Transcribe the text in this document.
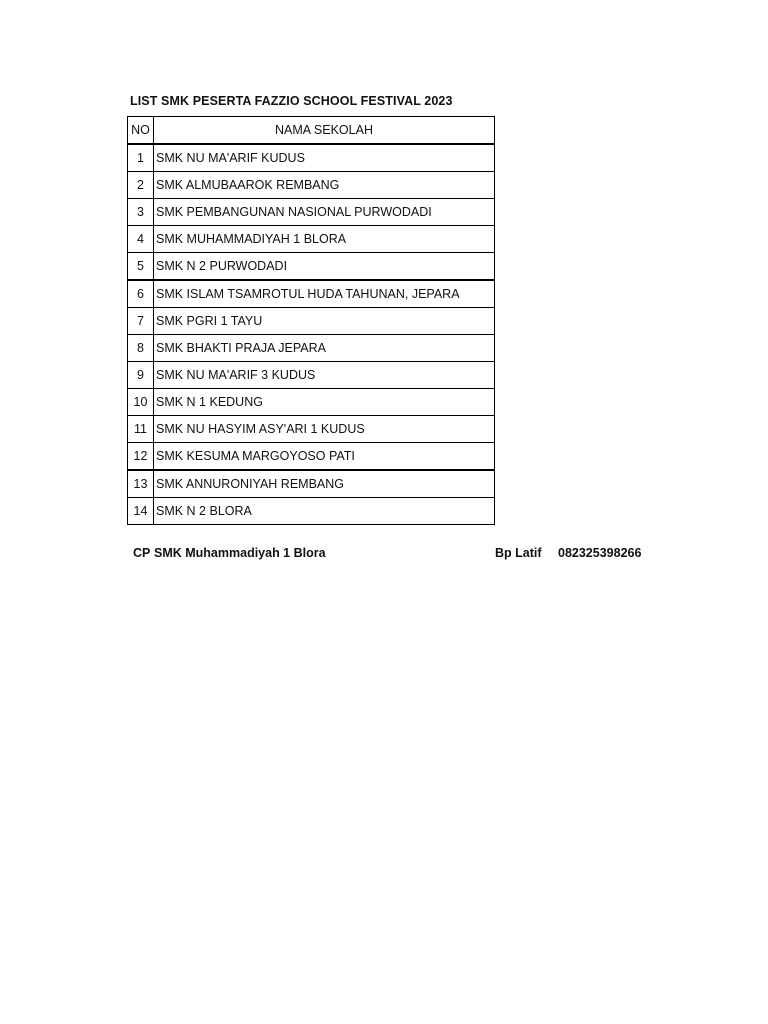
LIST SMK PESERTA FAZZIO SCHOOL FESTIVAL 2023
NO	NAMA SEKOLAH
1	SMK NU MA'ARIF KUDUS
2	SMK ALMUBAAROK REMBANG
3	SMK PEMBANGUNAN NASIONAL PURWODADI
4	SMK MUHAMMADIYAH 1 BLORA
5	SMK N 2 PURWODADI
6	SMK ISLAM TSAMROTUL HUDA TAHUNAN, JEPARA
7	SMK PGRI 1 TAYU
8	SMK BHAKTI PRAJA JEPARA
9	SMK NU MA'ARIF 3 KUDUS
10	SMK N 1 KEDUNG
11	SMK NU HASYIM ASY'ARI 1 KUDUS
12	SMK KESUMA MARGOYOSO PATI
13	SMK ANNURONIYAH REMBANG
14	SMK N 2 BLORA
CP SMK Muhammadiyah 1 Blora	Bp Latif 082325398266
